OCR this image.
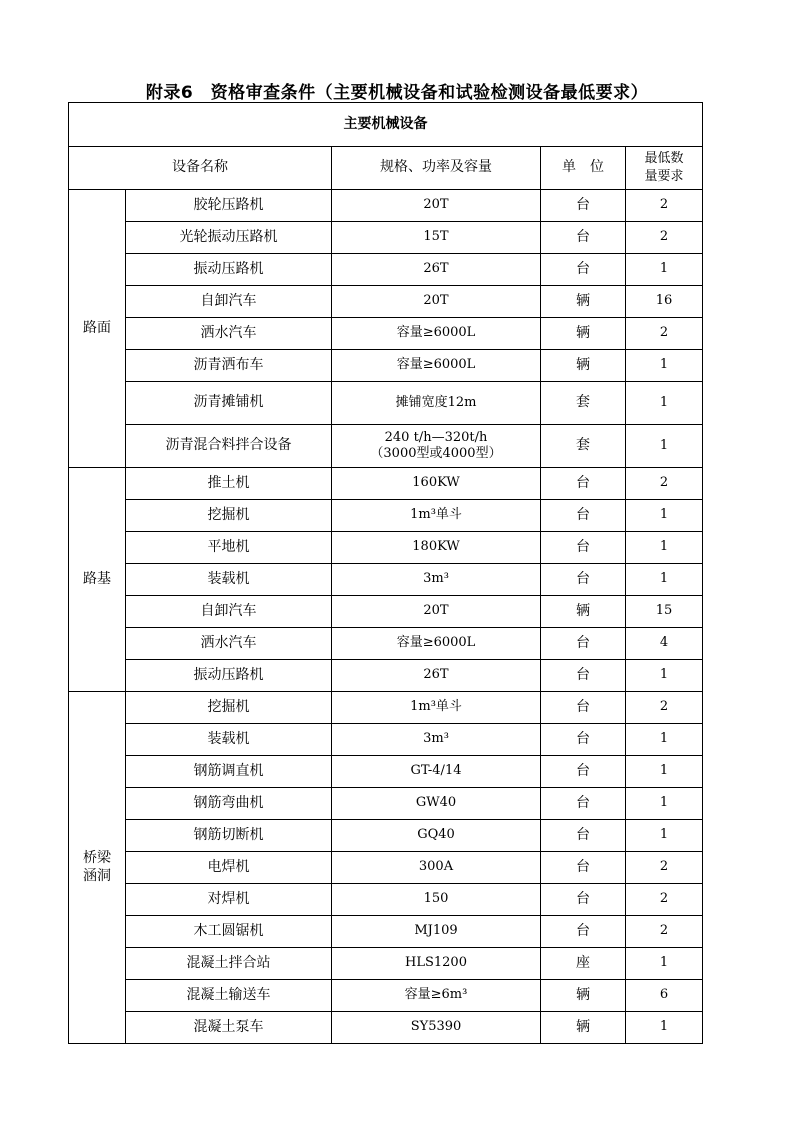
附录6　资格审查条件（主要机械设备和试验检测设备最低要求）
主要机械设备				
设备名称		规格、功率及容量	单　位	最低数
量要求

路面	胶轮压路机	20T	台	2
	光轮振动压路机	15T	台	2
	振动压路机	26T	台	1
	自卸汽车	20T	辆	16
	洒水汽车	容量≥6000L	辆	2
	沥青洒布车	容量≥6000L	辆	1
	沥青摊铺机	摊铺宽度12m	套	1
	沥青混合料拌合设备	240 t/h—320t/h
（3000型或4000型）	套	1

路基	推土机	160KW	台	2
	挖掘机	1m³单斗	台	1
	平地机	180KW	台	1
	装载机	3m³	台	1
	自卸汽车	20T	辆	15
	洒水汽车	容量≥6000L	台	4
	振动压路机	26T	台	1

桥梁
涵洞	挖掘机	1m³单斗	台	2
	装载机	3m³	台	1
	钢筋调直机	GT-4/14	台	1
	钢筋弯曲机	GW40	台	1
	钢筋切断机	GQ40	台	1
	电焊机	300A	台	2
	对焊机	150	台	2
	木工圆锯机	MJ109	台	2
	混凝土拌合站	HLS1200	座	1
	混凝土输送车	容量≥6m³	辆	6
	混凝土泵车	SY5390	辆	1
